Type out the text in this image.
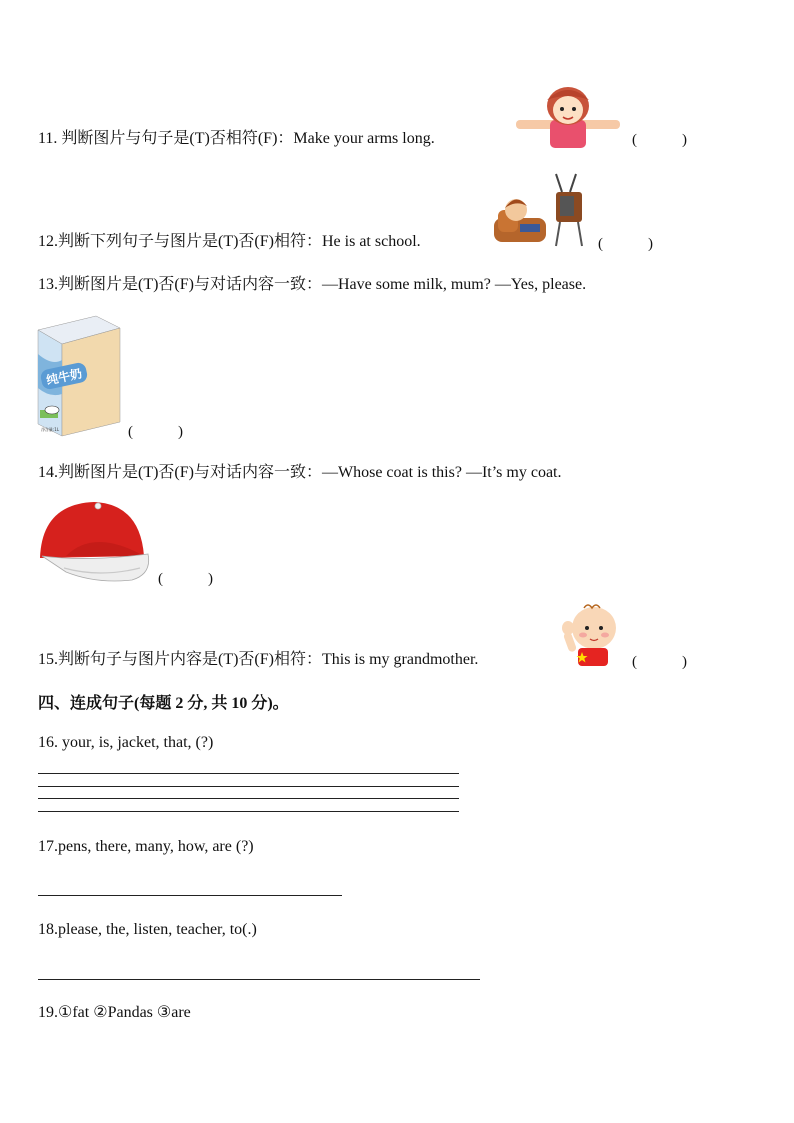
11. 判断图片与句子是(T)否相符(F)：Make your arms long.	(　　　)
12.判断下列句子与图片是(T)否(F)相符：He is at school.	(　　　)
13.判断图片是(T)否(F)与对话内容一致：—Have some milk, mum? —Yes, please.
纯牛奶
净含量:1L	(　　　)
14.判断图片是(T)否(F)与对话内容一致：—Whose coat is this? —It’s my coat.
(　　　)
15.判断句子与图片内容是(T)否(F)相符：This is my grandmother.	(　　　)
四、连成句子(每题 2 分, 共 10 分)。
16. your, is, jacket, that, (?)
17.pens, there, many, how, are (?)
18.please, the, listen, teacher, to(.)
19.①fat ②Pandas ③are
